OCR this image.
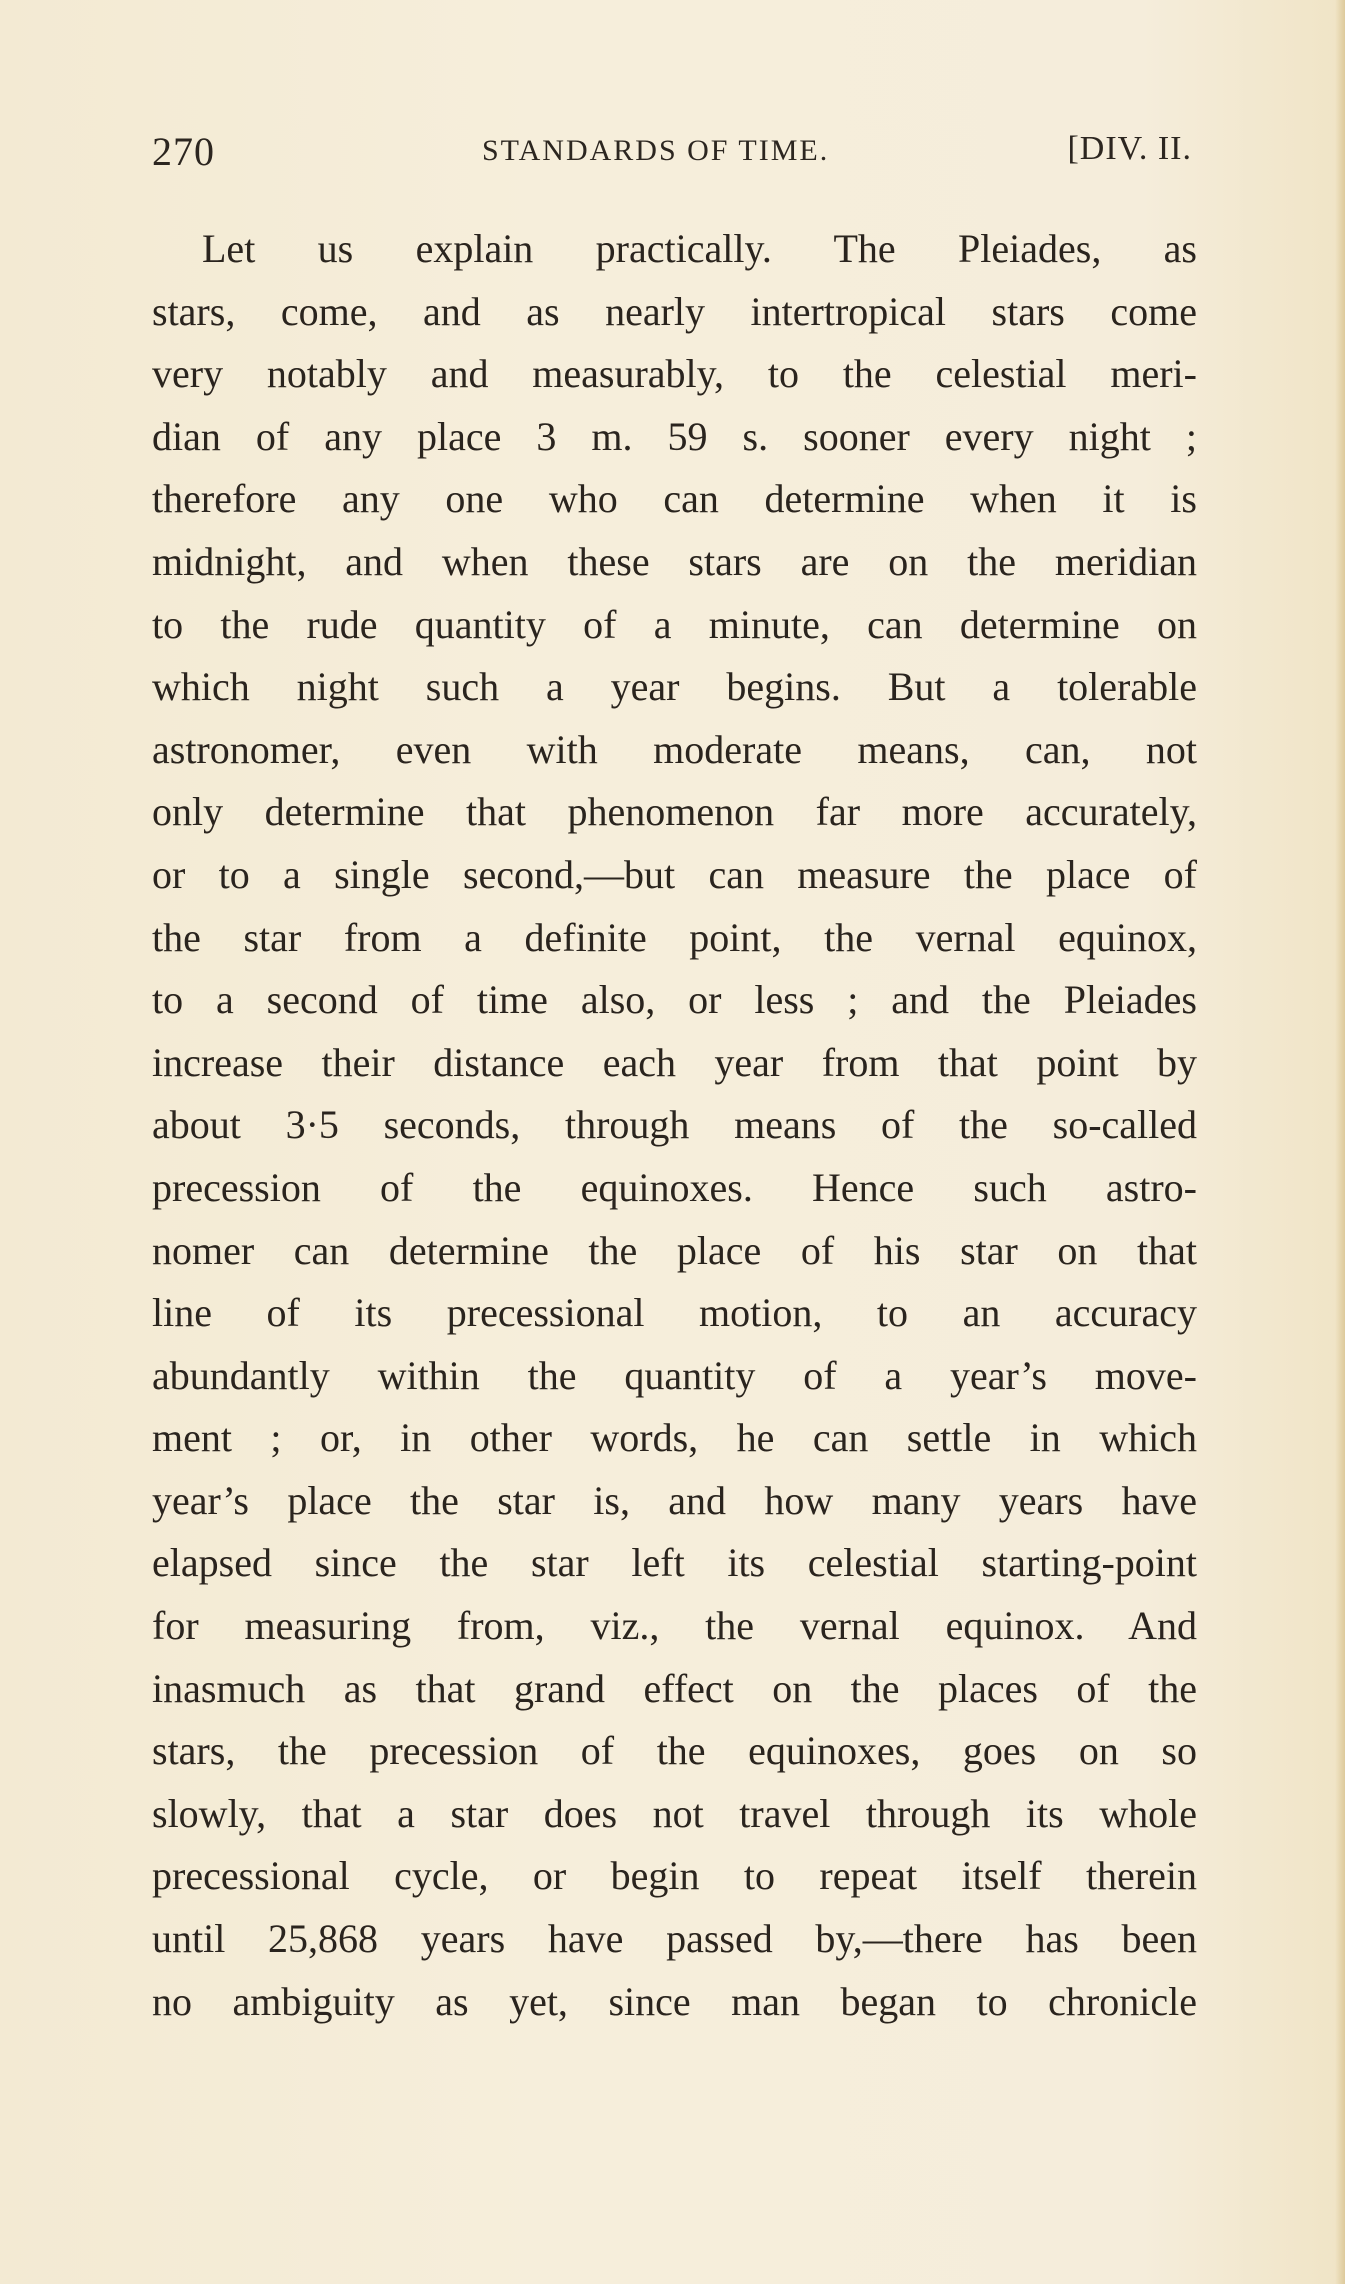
270	STANDARDS OF TIME.	[DIV. II.
Let us explain practically. The Pleiades, as
stars, come, and as nearly intertropical stars come
very notably and measurably, to the celestial meri-
dian of any place 3 m. 59 s. sooner every night ;
therefore any one who can determine when it is
midnight, and when these stars are on the meridian
to the rude quantity of a minute, can determine on
which night such a year begins. But a tolerable
astronomer, even with moderate means, can, not
only determine that phenomenon far more accurately,
or to a single second,—but can measure the place of
the star from a definite point, the vernal equinox,
to a second of time also, or less ; and the Pleiades
increase their distance each year from that point by
about 3·5 seconds, through means of the so-called
precession of the equinoxes. Hence such astro-
nomer can determine the place of his star on that
line of its precessional motion, to an accuracy
abundantly within the quantity of a year’s move-
ment ; or, in other words, he can settle in which
year’s place the star is, and how many years have
elapsed since the star left its celestial starting-point
for measuring from, viz., the vernal equinox. And
inasmuch as that grand effect on the places of the
stars, the precession of the equinoxes, goes on so
slowly, that a star does not travel through its whole
precessional cycle, or begin to repeat itself therein
until 25,868 years have passed by,—there has been
no ambiguity as yet, since man began to chronicle
